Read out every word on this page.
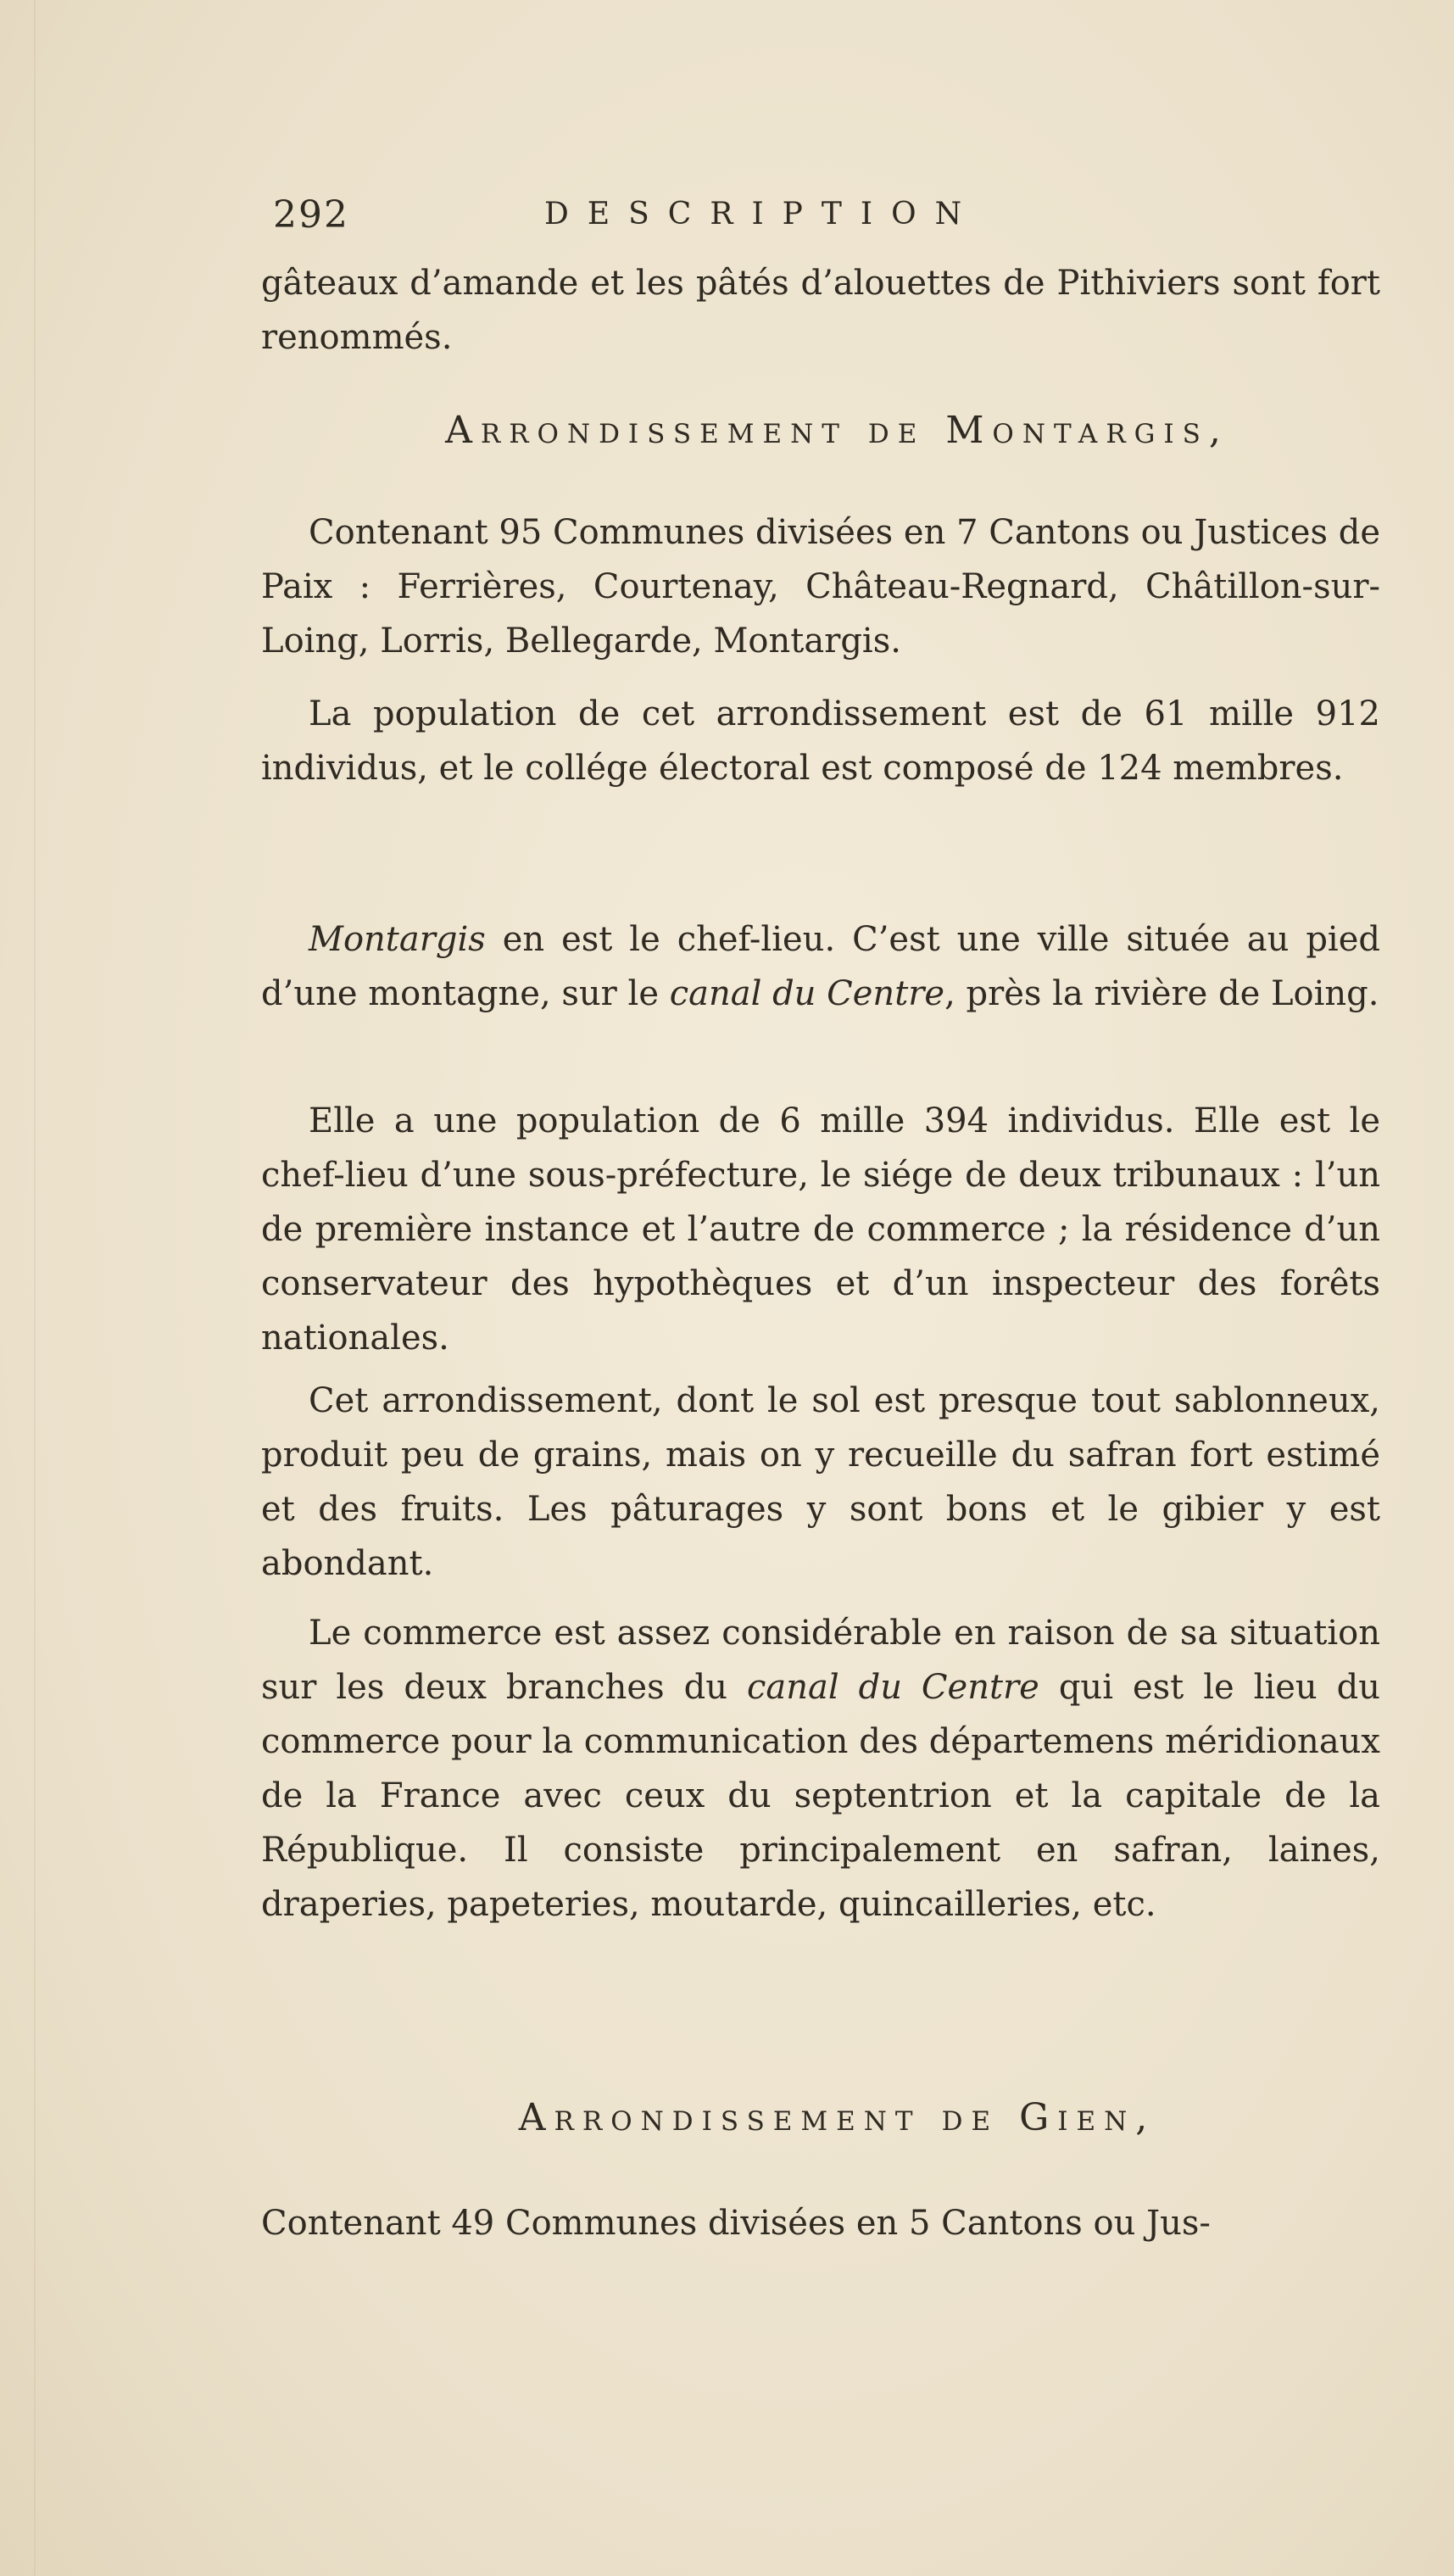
292	DESCRIPTION

gâteaux d’amande et les pâtés d’alouettes de Pithiviers sont fort renommés.

Arrondissement de Montargis,

Contenant 95 Communes divisées en 7 Cantons ou Justices de Paix : Ferrières, Courtenay, Château-Regnard, Châtillon-sur-Loing, Lorris, Bellegarde, Montargis.

La population de cet arrondissement est de 61 mille 912 individus, et le collége électoral est composé de 124 membres.

Montargis en est le chef-lieu. C’est une ville située au pied d’une montagne, sur le canal du Centre, près la rivière de Loing.

Elle a une population de 6 mille 394 individus. Elle est le chef-lieu d’une sous-préfecture, le siége de deux tribunaux : l’un de première instance et l’autre de commerce ; la résidence d’un conservateur des hypothèques et d’un inspecteur des forêts nationales.

Cet arrondissement, dont le sol est presque tout sablonneux, produit peu de grains, mais on y recueille du safran fort estimé et des fruits. Les pâturages y sont bons et le gibier y est abondant.

Le commerce est assez considérable en raison de sa situation sur les deux branches du canal du Centre qui est le lieu du commerce pour la communication des départemens méridionaux de la France avec ceux du septentrion et la capitale de la République. Il consiste principalement en safran, laines, draperies, papeteries, moutarde, quincailleries, etc.

Arrondissement de Gien,

Contenant 49 Communes divisées en 5 Cantons ou Jus-
